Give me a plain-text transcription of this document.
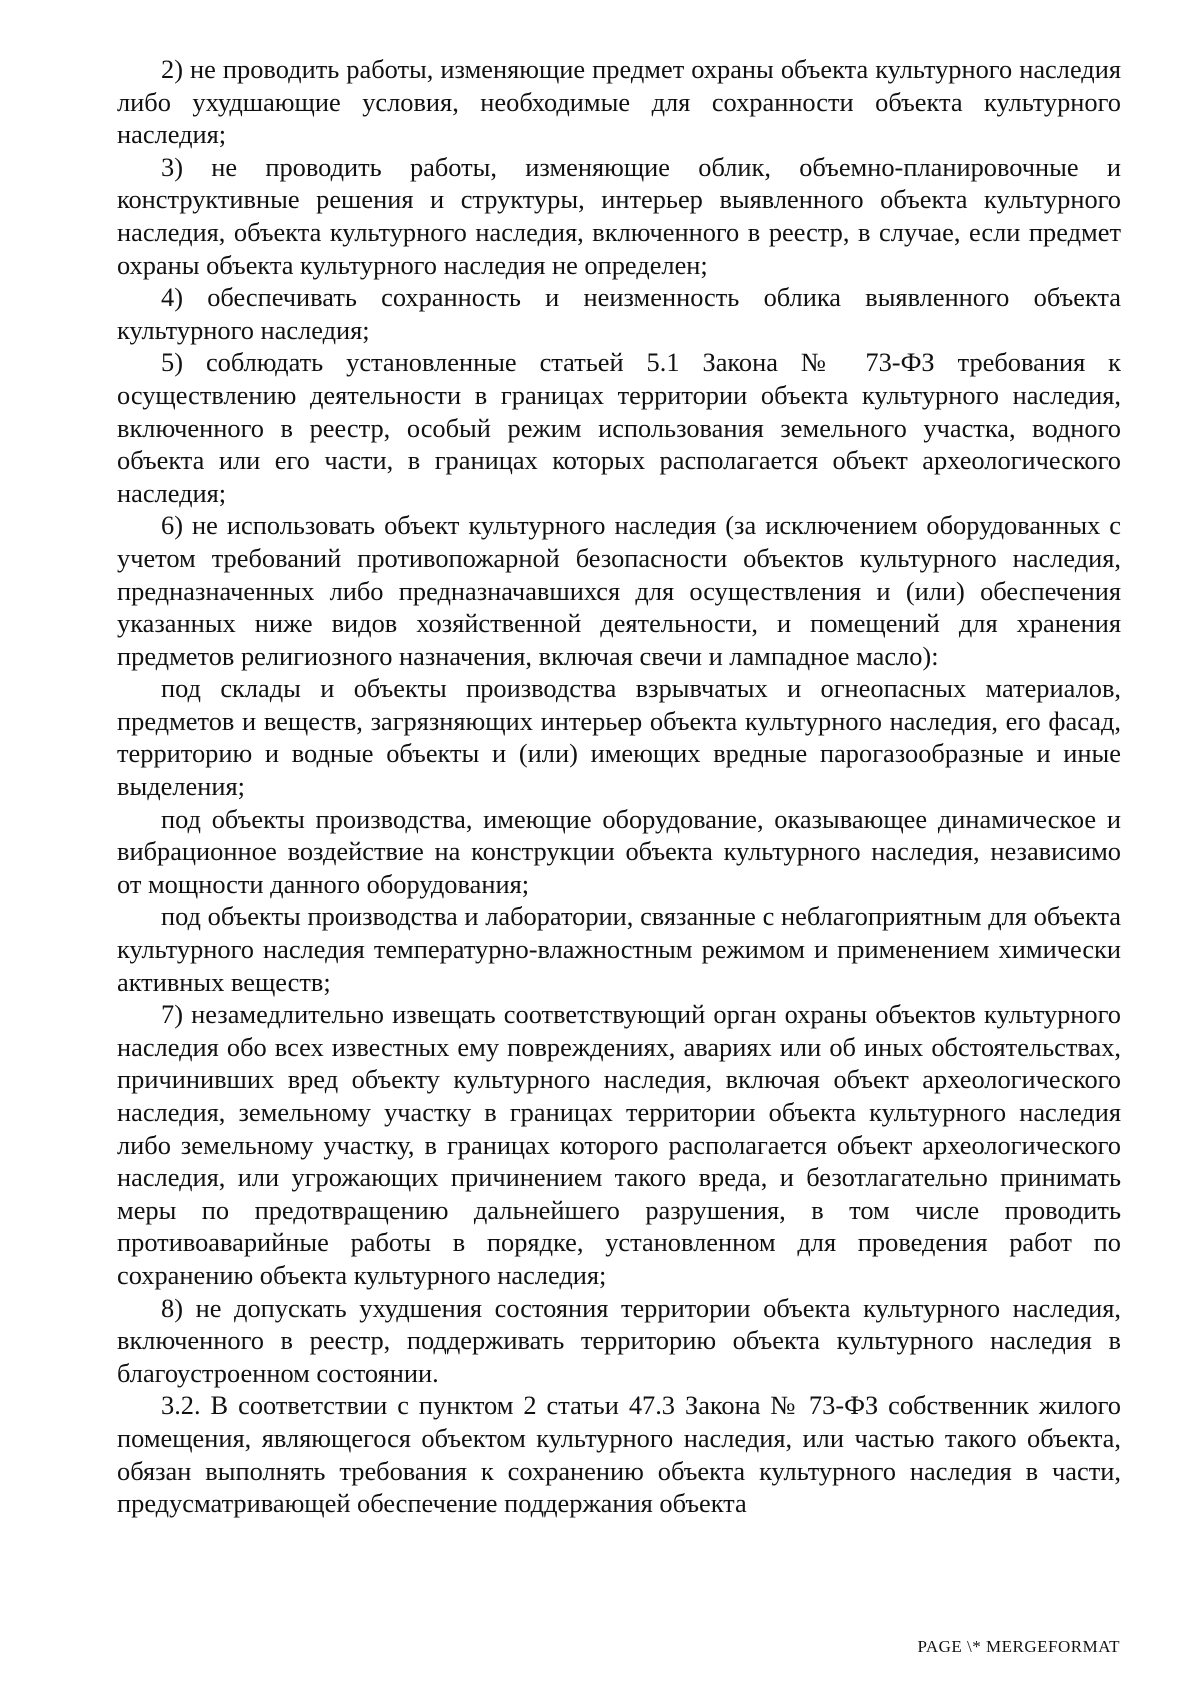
2) не проводить работы, изменяющие предмет охраны объекта культурного наследия либо ухудшающие условия, необходимые для сохранности объекта культурного наследия;

3) не проводить работы, изменяющие облик, объемно-планировочные и конструктивные решения и структуры, интерьер выявленного объекта культурного наследия, объекта культурного наследия, включенного в реестр, в случае, если предмет охраны объекта культурного наследия не определен;

4) обеспечивать сохранность и неизменность облика выявленного объекта культурного наследия;

5) соблюдать установленные статьей 5.1 Закона № 73-ФЗ требования к осуществлению деятельности в границах территории объекта культурного наследия, включенного в реестр, особый режим использования земельного участка, водного объекта или его части, в границах которых располагается объект археологического наследия;

6) не использовать объект культурного наследия (за исключением оборудованных с учетом требований противопожарной безопасности объектов культурного наследия, предназначенных либо предназначавшихся для осуществления и (или) обеспечения указанных ниже видов хозяйственной деятельности, и помещений для хранения предметов религиозного назначения, включая свечи и лампадное масло):

под склады и объекты производства взрывчатых и огнеопасных материалов, предметов и веществ, загрязняющих интерьер объекта культурного наследия, его фасад, территорию и водные объекты и (или) имеющих вредные парогазообразные и иные выделения;

под объекты производства, имеющие оборудование, оказывающее динамическое и вибрационное воздействие на конструкции объекта культурного наследия, независимо от мощности данного оборудования;

под объекты производства и лаборатории, связанные с неблагоприятным для объекта культурного наследия температурно-влажностным режимом и применением химически активных веществ;

7) незамедлительно извещать соответствующий орган охраны объектов культурного наследия обо всех известных ему повреждениях, авариях или об иных обстоятельствах, причинивших вред объекту культурного наследия, включая объект археологического наследия, земельному участку в границах территории объекта культурного наследия либо земельному участку, в границах которого располагается объект археологического наследия, или угрожающих причинением такого вреда, и безотлагательно принимать меры по предотвращению дальнейшего разрушения, в том числе проводить противоаварийные работы в порядке, установленном для проведения работ по сохранению объекта культурного наследия;

8) не допускать ухудшения состояния территории объекта культурного наследия, включенного в реестр, поддерживать территорию объекта культурного наследия в благоустроенном состоянии.

3.2. В соответствии с пунктом 2 статьи 47.3 Закона № 73-ФЗ собственник жилого помещения, являющегося объектом культурного наследия, или частью такого объекта, обязан выполнять требования к сохранению объекта культурного наследия в части, предусматривающей обеспечение поддержания объекта

PAGE \* MERGEFORMAT
